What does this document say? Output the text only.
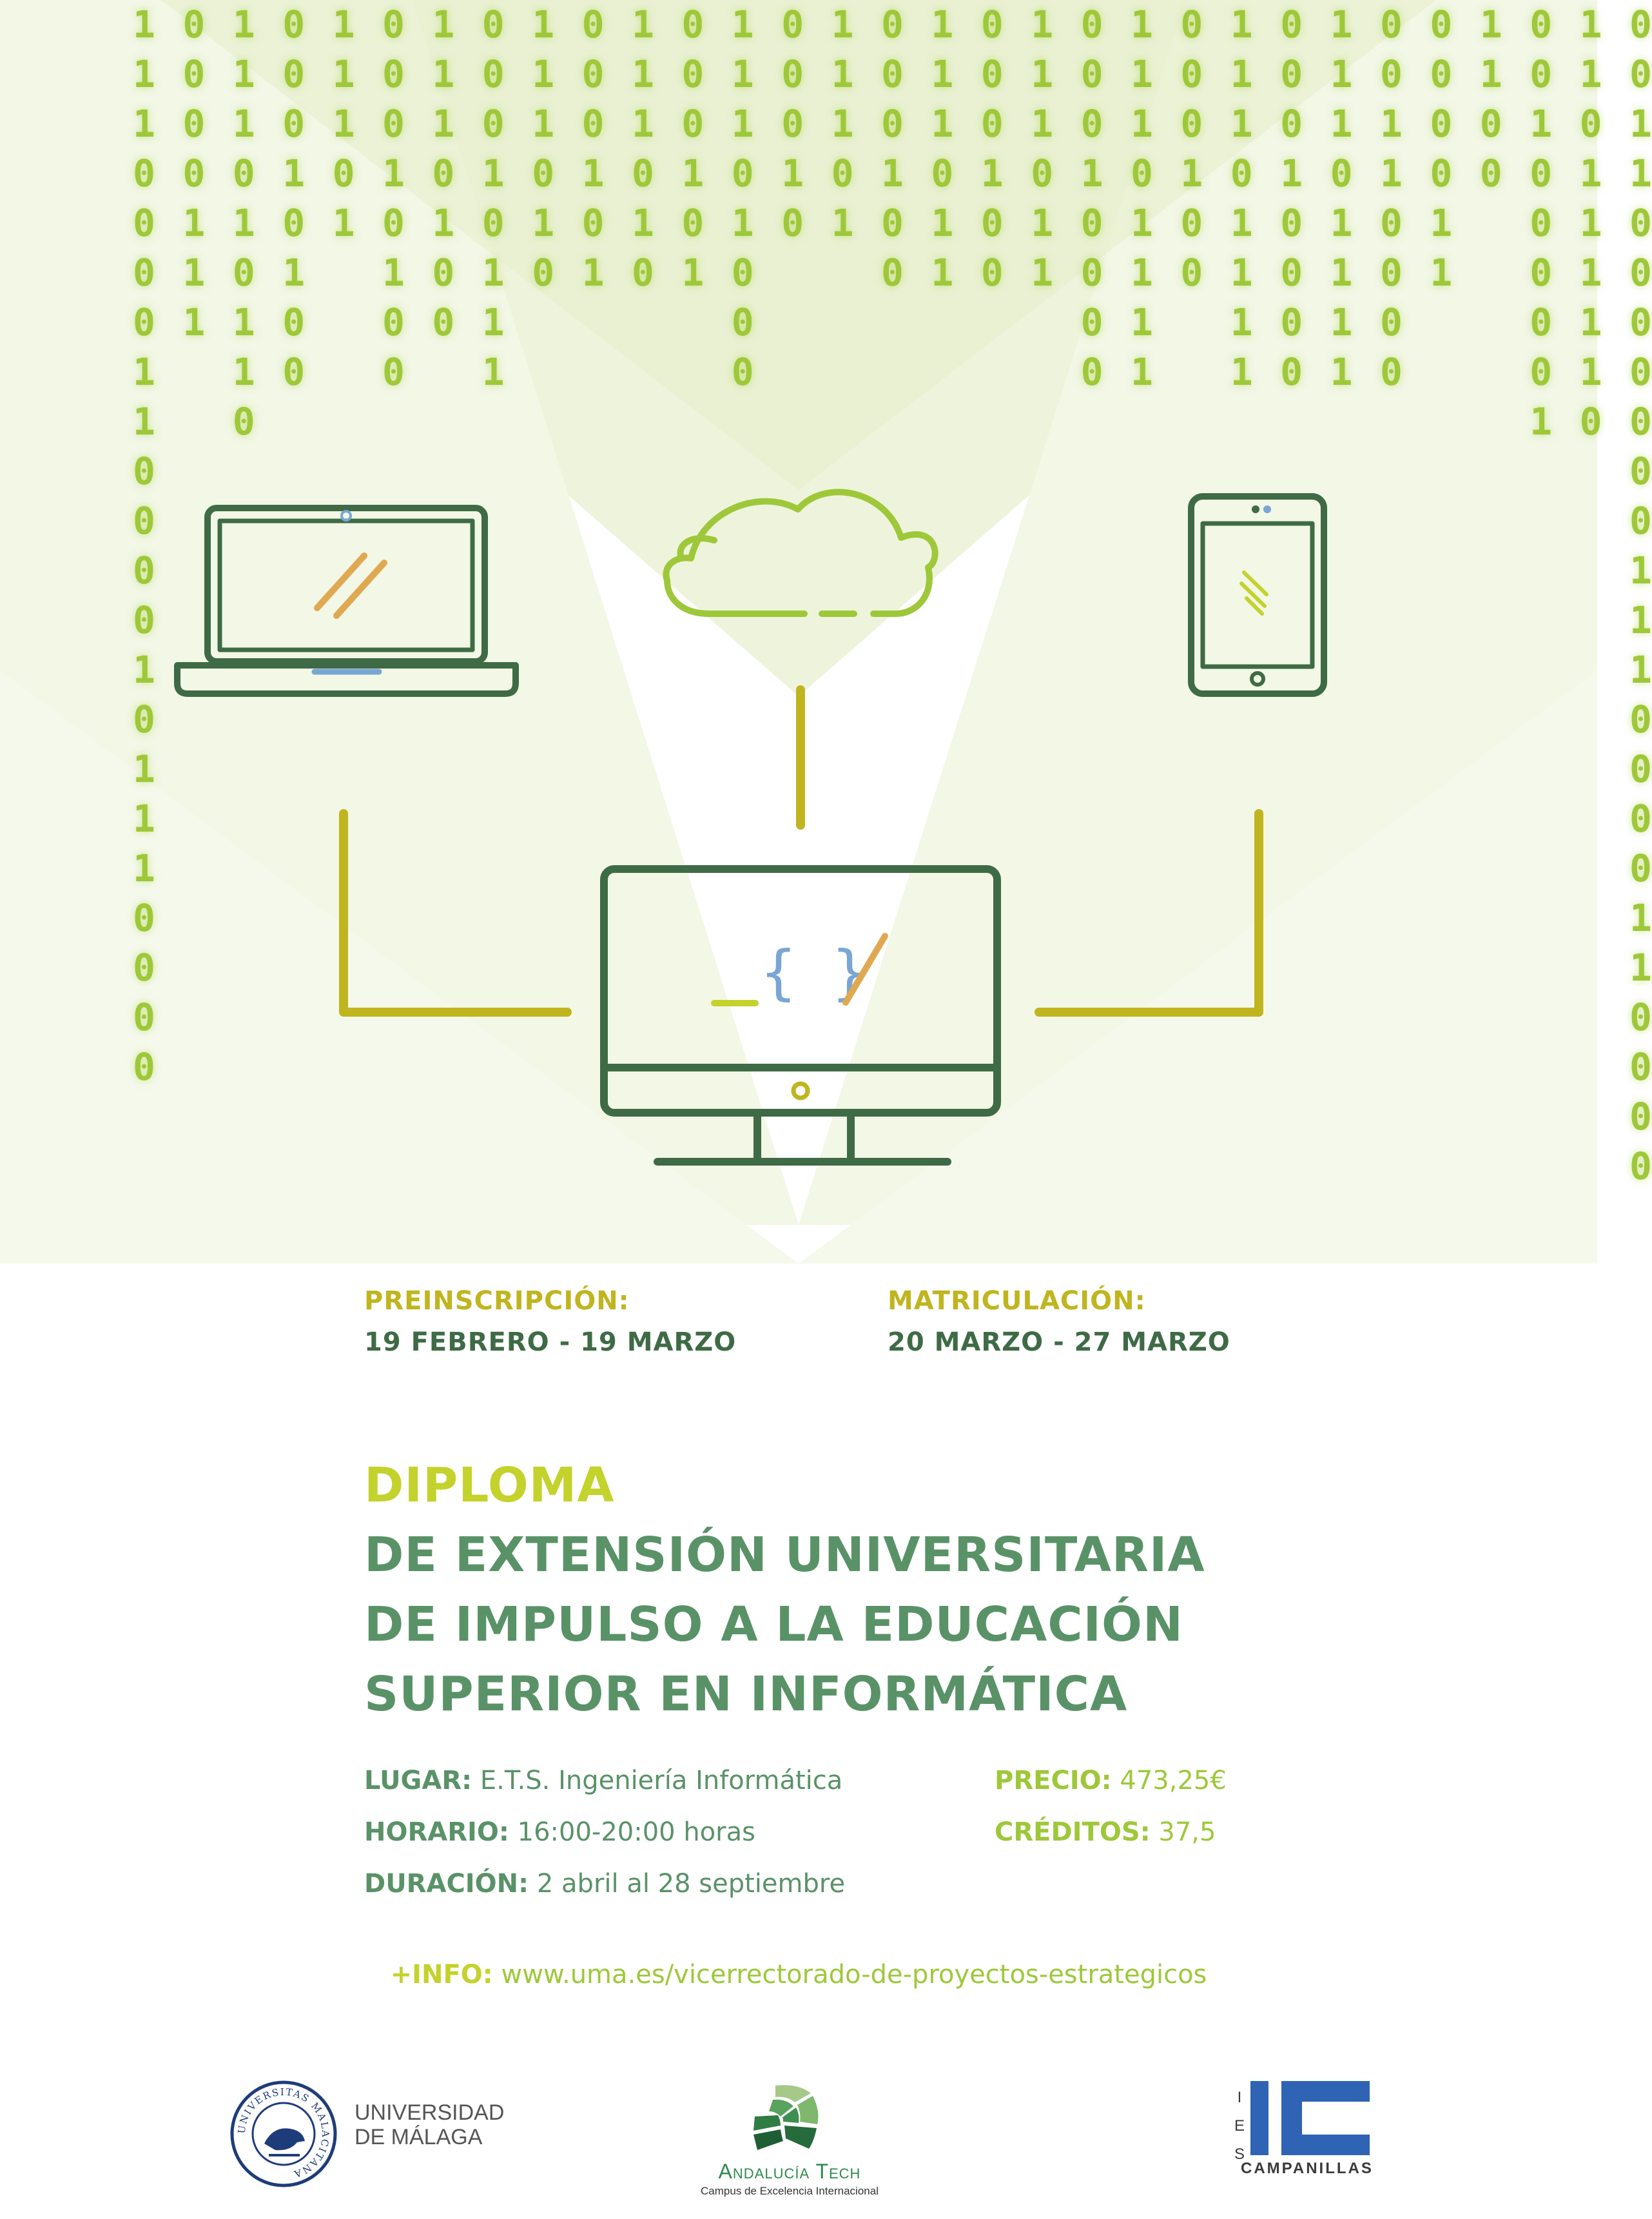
1
1
1
0
0
0
0
1
1
0
0
0
0
1
0
1
1
1
0
0
0
0
0
0
0
0
1
1
1
1
1
1
0
1
0
1
1
0
0
0
0
1
0
1
0
0
1
1
1
0
1
0
0
0
1
0
1
0
0
1
1
1
0
1
0
0
0
0
0
1
0
1
1
1
1
1
1
0
1
0
0
0
0
1
0
1
1
1
1
0
1
0
0
0
0
1
0
1
1
1
1
0
1
0
0
0
0
0
0
1
0
1
1
1
0
1
0
0
0
1
0
0
1
1
1
0
1
1
0
0
0
1
0
0
1
1
1
0
1
1
0
0
0
1
0
0
0
0
1
1
1
0
1
1
1
1
0
0
0
1
0
0
1
1
1
0
1
1
1
1
0
0
0
1
0
0
0
0
1
1
1
0
1
1
1
1
0
0
1
1
0
0
0
0
0
0
0
0
1
1
1
1
0
0
0
0
1
0
0
0
0
0
1
1
1
0
1
1
1
1
1
0
0
0
1
1
0
0
0
0
0
0
0
1
1
1
0
0
0
0
1
1
0
0
0
0
{ }
PREINSCRIPCIÓN:
19 FEBRERO - 19 MARZO
MATRICULACIÓN:
20 MARZO - 27 MARZO
DIPLOMA
DE EXTENSIÓN UNIVERSITARIA
DE IMPULSO A LA EDUCACIÓN
SUPERIOR EN INFORMÁTICA
LUGAR: E.T.S. Ingeniería Informática
HORARIO: 16:00-20:00 horas
DURACIÓN: 2 abril al 28 septiembre
PRECIO: 473,25€
CRÉDITOS: 37,5
+INFO: www.uma.es/vicerrectorado-de-proyectos-estrategicos
UNIVERSITAS MALACITANA
UNIVERSIDAD
DE MÁLAGA
Andalucía Tech
Campus de Excelencia Internacional
I
E
S
CAMPANILLAS
